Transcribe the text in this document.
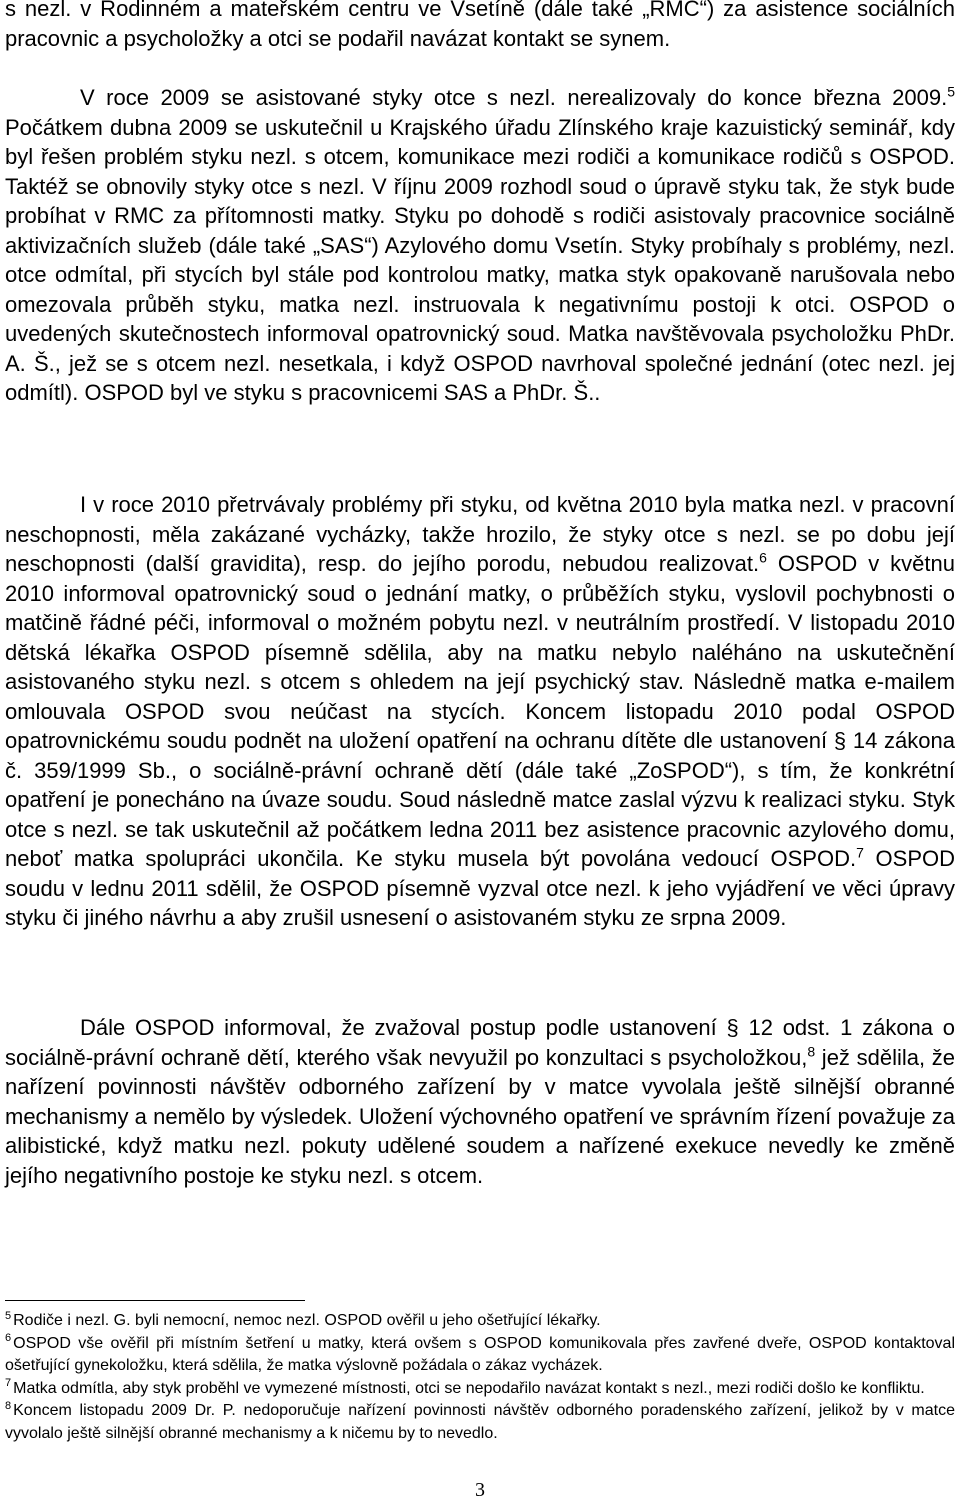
s nezl. v Rodinném a mateřském centru ve Vsetíně (dále také „RMC“) za asistence sociálních pracovnic a psycholožky a otci se podařil navázat kontakt se synem.

V roce 2009 se asistované styky otce s nezl. nerealizovaly do konce března 2009.$^5$ Počátkem dubna 2009 se uskutečnil u Krajského úřadu Zlínského kraje kazuistický seminář, kdy byl řešen problém styku nezl. s otcem, komunikace mezi rodiči a komunikace rodičů s OSPOD. Taktéž se obnovily styky otce s nezl. V říjnu 2009 rozhodl soud o úpravě styku tak, že styk bude probíhat v RMC za přítomnosti matky. Styku po dohodě s rodiči asistovaly pracovnice sociálně aktivizačních služeb (dále také „SAS“) Azylového domu Vsetín. Styky probíhaly s problémy, nezl. otce odmítal, při stycích byl stále pod kontrolou matky, matka styk opakovaně narušovala nebo omezovala průběh styku, matka nezl. instruovala k negativnímu postoji k otci. OSPOD o uvedených skutečnostech informoval opatrovnický soud. Matka navštěvovala psycholožku PhDr. A. Š., jež se s otcem nezl. nesetkala, i když OSPOD navrhoval společné jednání (otec nezl. jej odmítl). OSPOD byl ve styku s pracovnicemi SAS a PhDr. Š..

I v roce 2010 přetrvávaly problémy při styku, od května 2010 byla matka nezl. v pracovní neschopnosti, měla zakázané vycházky, takže hrozilo, že styky otce s nezl. se po dobu její neschopnosti (další gravidita), resp. do jejího porodu, nebudou realizovat.$^6$ OSPOD v květnu 2010 informoval opatrovnický soud o jednání matky, o průběžích styku, vyslovil pochybnosti o matčině řádné péči, informoval o možném pobytu nezl. v neutrálním prostředí. V listopadu 2010 dětská lékařka OSPOD písemně sdělila, aby na matku nebylo naléháno na uskutečnění asistovaného styku nezl. s otcem s ohledem na její psychický stav. Následně matka e-mailem omlouvala OSPOD svou neúčast na stycích. Koncem listopadu 2010 podal OSPOD opatrovnickému soudu podnět na uložení opatření na ochranu dítěte dle ustanovení § 14 zákona č. 359/1999 Sb., o sociálně-právní ochraně dětí (dále také „ZoSPOD“), s tím, že konkrétní opatření je ponecháno na úvaze soudu. Soud následně matce zaslal výzvu k realizaci styku. Styk otce s nezl. se tak uskutečnil až počátkem ledna 2011 bez asistence pracovnic azylového domu, neboť matka spolupráci ukončila. Ke styku musela být povolána vedoucí OSPOD.$^7$ OSPOD soudu v lednu 2011 sdělil, že OSPOD písemně vyzval otce nezl. k jeho vyjádření ve věci úpravy styku či jiného návrhu a aby zrušil usnesení o asistovaném styku ze srpna 2009.

Dále OSPOD informoval, že zvažoval postup podle ustanovení § 12 odst. 1 zákona o sociálně-právní ochraně dětí, kterého však nevyužil po konzultaci s psycholožkou,$^8$ jež sdělila, že nařízení povinnosti návštěv odborného zařízení by v matce vyvolala ještě silnější obranné mechanismy a nemělo by výsledek. Uložení výchovného opatření ve správním řízení považuje za alibistické, když matku nezl. pokuty udělené soudem a nařízené exekuce nevedly ke změně jejího negativního postoje ke styku nezl. s otcem.

$^5$ Rodiče i nezl. G. byli nemocní, nemoc nezl. OSPOD ověřil u jeho ošetřující lékařky.

$^6$ OSPOD vše ověřil při místním šetření u matky, která ovšem s OSPOD komunikovala přes zavřené dveře, OSPOD kontaktoval ošetřující gynekoložku, která sdělila, že matka výslovně požádala o zákaz vycházek.

$^7$ Matka odmítla, aby styk proběhl ve vymezené místnosti, otci se nepodařilo navázat kontakt s nezl., mezi rodiči došlo ke konfliktu.

$^8$ Koncem listopadu 2009 Dr. P. nedoporučuje nařízení povinnosti návštěv odborného poradenského zařízení, jelikož by v matce vyvolalo ještě silnější obranné mechanismy a k ničemu by to nevedlo.

3
